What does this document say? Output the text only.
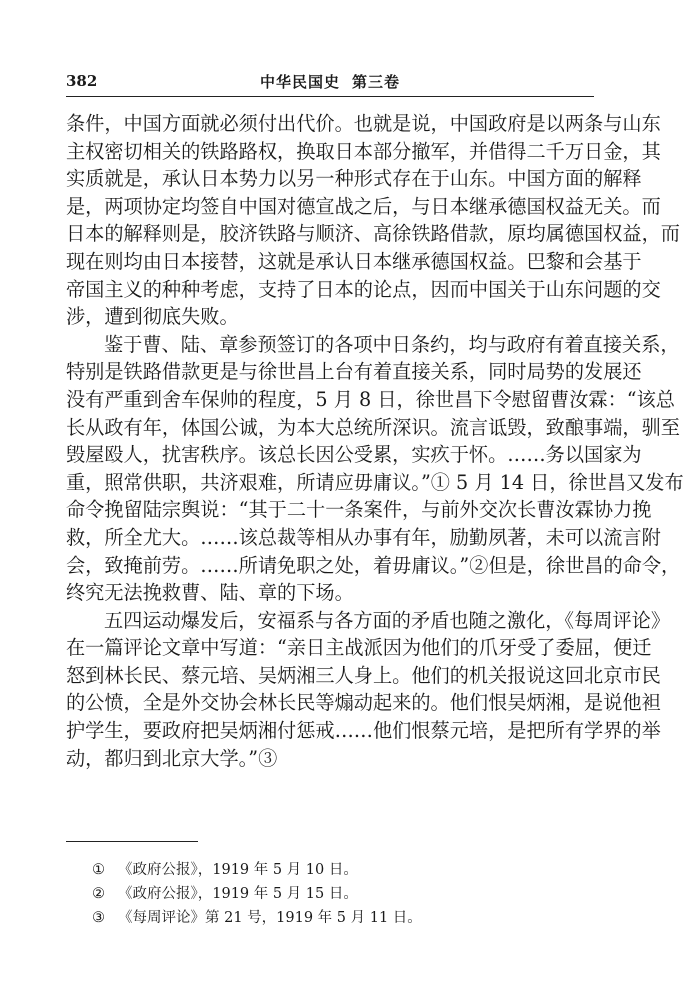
382	中华民国史 第三卷
条件，中国方面就必须付出代价。也就是说，中国政府是以两条与山东
主权密切相关的铁路路权，换取日本部分撤军，并借得二千万日金，其
实质就是，承认日本势力以另一种形式存在于山东。中国方面的解释
是，两项协定均签自中国对德宣战之后，与日本继承德国权益无关。而
日本的解释则是，胶济铁路与顺济、高徐铁路借款，原均属德国权益，而
现在则均由日本接替，这就是承认日本继承德国权益。巴黎和会基于
帝国主义的种种考虑，支持了日本的论点，因而中国关于山东问题的交
涉，遭到彻底失败。
鉴于曹、陆、章参预签订的各项中日条约，均与政府有着直接关系，
特别是铁路借款更是与徐世昌上台有着直接关系，同时局势的发展还
没有严重到舍车保帅的程度，5 月 8 日，徐世昌下令慰留曹汝霖：“该总
长从政有年，体国公诚，为本大总统所深识。流言诋毁，致酿事端，驯至
毁屋殴人，扰害秩序。该总长因公受累，实疚于怀。……务以国家为
重，照常供职，共济艰难，所请应毋庸议。”① 5 月 14 日，徐世昌又发布
命令挽留陆宗舆说：“其于二十一条案件，与前外交次长曹汝霖协力挽
救，所全尤大。……该总裁等相从办事有年，励勤夙著，未可以流言附
会，致掩前劳。……所请免职之处，着毋庸议。”②但是，徐世昌的命令，
终究无法挽救曹、陆、章的下场。
五四运动爆发后，安福系与各方面的矛盾也随之激化，《每周评论》
在一篇评论文章中写道：“亲日主战派因为他们的爪牙受了委屈，便迁
怒到林长民、蔡元培、吴炳湘三人身上。他们的机关报说这回北京市民
的公愤，全是外交协会林长民等煽动起来的。他们恨吴炳湘，是说他袒
护学生，要政府把吴炳湘付惩戒……他们恨蔡元培，是把所有学界的举
动，都归到北京大学。”③
① 《政府公报》，1919 年 5 月 10 日。
② 《政府公报》，1919 年 5 月 15 日。
③ 《每周评论》第 21 号，1919 年 5 月 11 日。
